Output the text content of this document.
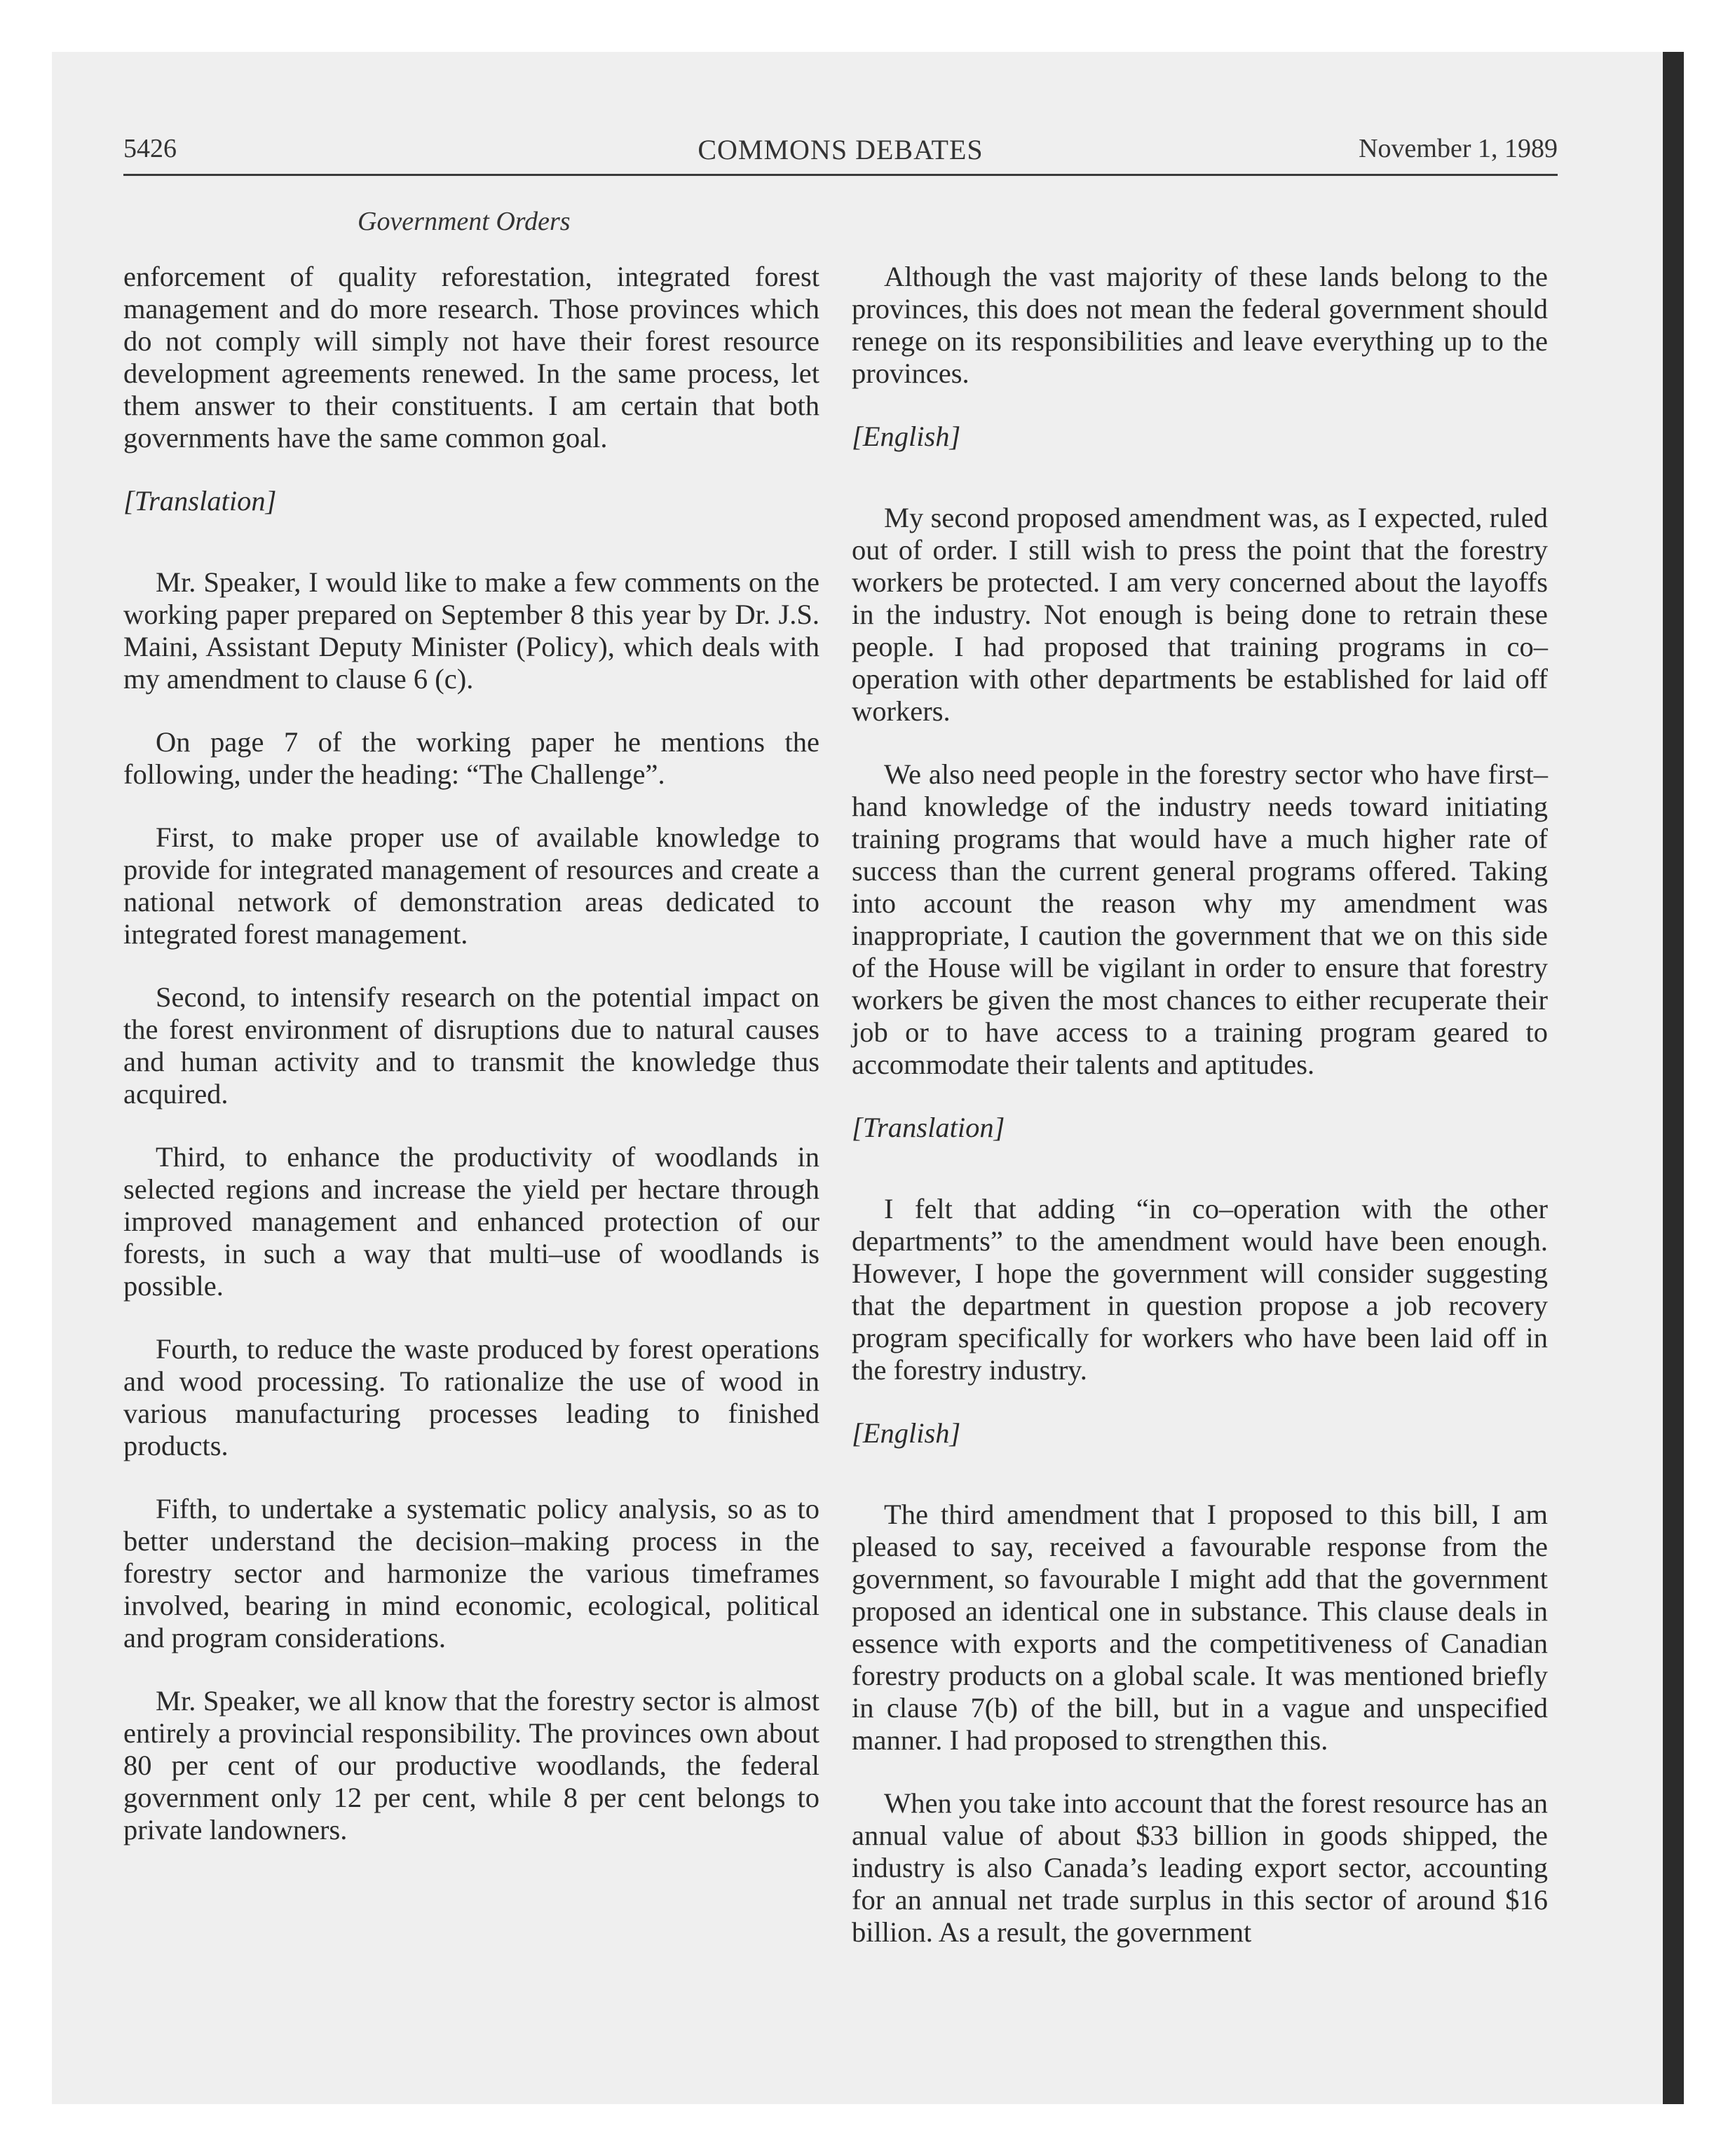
5426	COMMONS DEBATES	November 1, 1989
Government Orders

enforcement of quality reforestation, integrated forest management and do more research. Those provinces which do not comply will simply not have their forest resource development agreements renewed. In the same process, let them answer to their constituents. I am certain that both governments have the same common goal.

[Translation]

Mr. Speaker, I would like to make a few comments on the working paper prepared on September 8 this year by Dr. J.S. Maini, Assistant Deputy Minister (Policy), which deals with my amendment to clause 6 (c).

On page 7 of the working paper he mentions the following, under the heading: “The Challenge”.

First, to make proper use of available knowledge to provide for integrated management of resources and create a national network of demonstration areas dedicated to integrated forest management.

Second, to intensify research on the potential impact on the forest environment of disruptions due to natural causes and human activity and to transmit the knowledge thus acquired.

Third, to enhance the productivity of woodlands in selected regions and increase the yield per hectare through improved management and enhanced protection of our forests, in such a way that multi–use of woodlands is possible.

Fourth, to reduce the waste produced by forest operations and wood processing. To rationalize the use of wood in various manufacturing processes leading to finished products.

Fifth, to undertake a systematic policy analysis, so as to better understand the decision–making process in the forestry sector and harmonize the various timeframes involved, bearing in mind economic, ecological, political and program considerations.

Mr. Speaker, we all know that the forestry sector is almost entirely a provincial responsibility. The provinces own about 80 per cent of our productive woodlands, the federal government only 12 per cent, while 8 per cent belongs to private landowners.

Although the vast majority of these lands belong to the provinces, this does not mean the federal government should renege on its responsibilities and leave everything up to the provinces.

[English]

My second proposed amendment was, as I expected, ruled out of order. I still wish to press the point that the forestry workers be protected. I am very concerned about the layoffs in the industry. Not enough is being done to retrain these people. I had proposed that training programs in co–operation with other departments be established for laid off workers.

We also need people in the forestry sector who have first–hand knowledge of the industry needs toward initiating training programs that would have a much higher rate of success than the current general programs offered. Taking into account the reason why my amendment was inappropriate, I caution the government that we on this side of the House will be vigilant in order to ensure that forestry workers be given the most chances to either recuperate their job or to have access to a training program geared to accommodate their talents and aptitudes.

[Translation]

I felt that adding “in co–operation with the other departments” to the amendment would have been enough. However, I hope the government will consider suggesting that the department in question propose a job recovery program specifically for workers who have been laid off in the forestry industry.

[English]

The third amendment that I proposed to this bill, I am pleased to say, received a favourable response from the government, so favourable I might add that the government proposed an identical one in substance. This clause deals in essence with exports and the competitiveness of Canadian forestry products on a global scale. It was mentioned briefly in clause 7(b) of the bill, but in a vague and unspecified manner. I had proposed to strengthen this.

When you take into account that the forest resource has an annual value of about $33 billion in goods shipped, the industry is also Canada’s leading export sector, accounting for an annual net trade surplus in this sector of around $16 billion. As a result, the government
